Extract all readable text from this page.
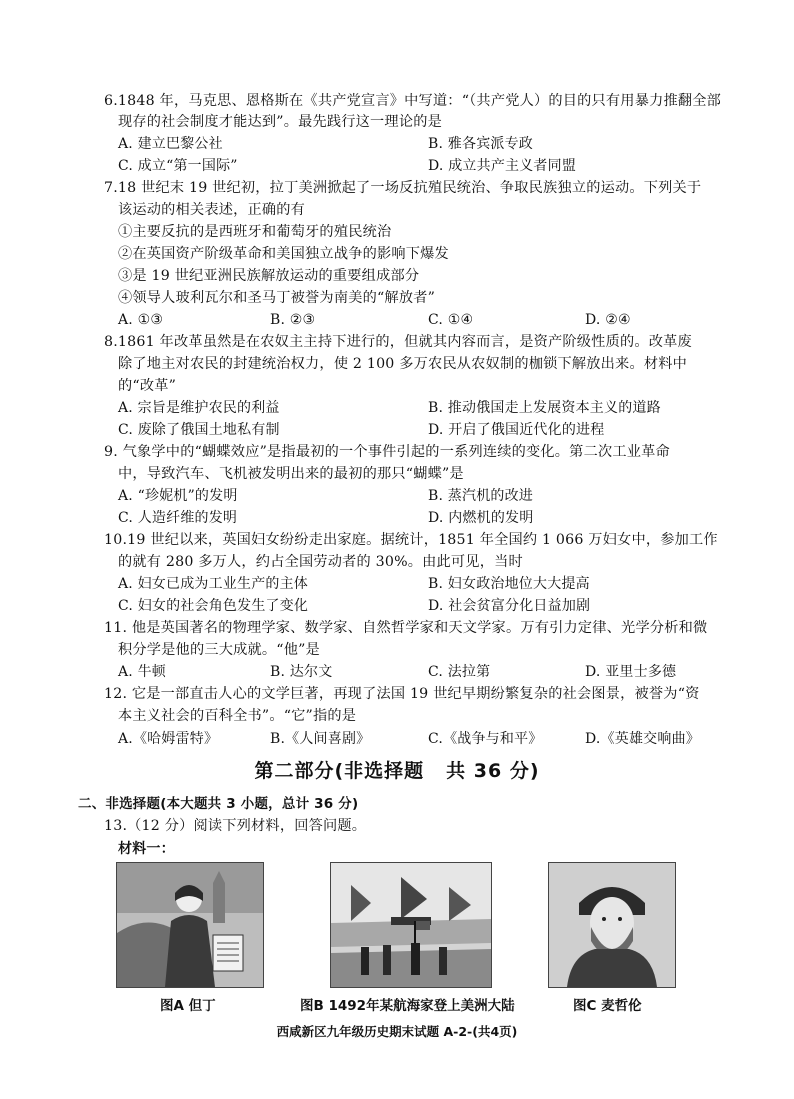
6.1848 年，马克思、恩格斯在《共产党宣言》中写道：“（共产党人）的目的只有用暴力推翻全部
现存的社会制度才能达到”。最先践行这一理论的是
A. 建立巴黎公社	B. 雅各宾派专政
C. 成立“第一国际”	D. 成立共产主义者同盟
7.18 世纪末 19 世纪初，拉丁美洲掀起了一场反抗殖民统治、争取民族独立的运动。下列关于
该运动的相关表述，正确的有
①主要反抗的是西班牙和葡萄牙的殖民统治
②在英国资产阶级革命和美国独立战争的影响下爆发
③是 19 世纪亚洲民族解放运动的重要组成部分
④领导人玻利瓦尔和圣马丁被誉为南美的“解放者”
A. ①③	B. ②③	C. ①④	D. ②④
8.1861 年改革虽然是在农奴主主持下进行的，但就其内容而言，是资产阶级性质的。改革废
除了地主对农民的封建统治权力，使 2 100 多万农民从农奴制的枷锁下解放出来。材料中
的“改革”
A. 宗旨是维护农民的利益	B. 推动俄国走上发展资本主义的道路
C. 废除了俄国土地私有制	D. 开启了俄国近代化的进程
9. 气象学中的“蝴蝶效应”是指最初的一个事件引起的一系列连续的变化。第二次工业革命
中，导致汽车、飞机被发明出来的最初的那只“蝴蝶”是
A. “珍妮机”的发明	B. 蒸汽机的改进
C. 人造纤维的发明	D. 内燃机的发明
10.19 世纪以来，英国妇女纷纷走出家庭。据统计，1851 年全国约 1 066 万妇女中，参加工作
的就有 280 多万人，约占全国劳动者的 30%。由此可见，当时
A. 妇女已成为工业生产的主体	B. 妇女政治地位大大提高
C. 妇女的社会角色发生了变化	D. 社会贫富分化日益加剧
11. 他是英国著名的物理学家、数学家、自然哲学家和天文学家。万有引力定律、光学分析和微
积分学是他的三大成就。“他”是
A. 牛顿	B. 达尔文	C. 法拉第	D. 亚里士多德
12. 它是一部直击人心的文学巨著，再现了法国 19 世纪早期纷繁复杂的社会图景，被誉为“资
本主义社会的百科全书”。“它”指的是
A.《哈姆雷特》	B.《人间喜剧》	C.《战争与和平》	D.《英雄交响曲》
第二部分(非选择题 共 36 分)
二、非选择题(本大题共 3 小题，总计 36 分)
13.（12 分）阅读下列材料，回答问题。
材料一：
图A 但丁	图B 1492年某航海家登上美洲大陆	图C 麦哲伦
西咸新区九年级历史期末试题 A-2-(共4页)
